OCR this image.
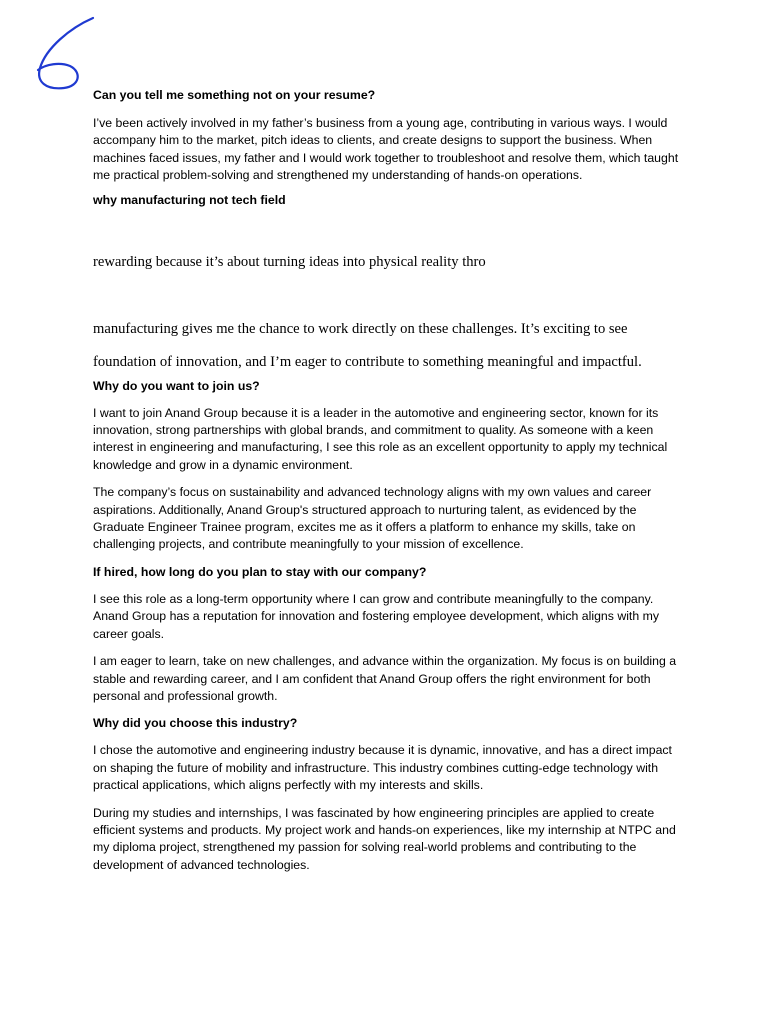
Can you tell me something not on your resume?

I’ve been actively involved in my father’s business from a young age, contributing in various ways. I would accompany him to the market, pitch ideas to clients, and create designs to support the business. When machines faced issues, my father and I would work together to troubleshoot and resolve them, which taught me practical problem-solving and strengthened my understanding of hands-on operations.

why manufacturing not tech field

rewarding because it’s about turning ideas into physical reality thro

manufacturing gives me the chance to work directly on these challenges. It’s exciting to see

foundation of innovation, and I’m eager to contribute to something meaningful and impactful.

Why do you want to join us?

I want to join Anand Group because it is a leader in the automotive and engineering sector, known for its innovation, strong partnerships with global brands, and commitment to quality. As someone with a keen interest in engineering and manufacturing, I see this role as an excellent opportunity to apply my technical knowledge and grow in a dynamic environment.

The company’s focus on sustainability and advanced technology aligns with my own values and career aspirations. Additionally, Anand Group's structured approach to nurturing talent, as evidenced by the Graduate Engineer Trainee program, excites me as it offers a platform to enhance my skills, take on challenging projects, and contribute meaningfully to your mission of excellence.

If hired, how long do you plan to stay with our company?

I see this role as a long-term opportunity where I can grow and contribute meaningfully to the company. Anand Group has a reputation for innovation and fostering employee development, which aligns with my career goals.

I am eager to learn, take on new challenges, and advance within the organization. My focus is on building a stable and rewarding career, and I am confident that Anand Group offers the right environment for both personal and professional growth.

Why did you choose this industry?

I chose the automotive and engineering industry because it is dynamic, innovative, and has a direct impact on shaping the future of mobility and infrastructure. This industry combines cutting-edge technology with practical applications, which aligns perfectly with my interests and skills.

During my studies and internships, I was fascinated by how engineering principles are applied to create efficient systems and products. My project work and hands-on experiences, like my internship at NTPC and my diploma project, strengthened my passion for solving real-world problems and contributing to the development of advanced technologies.
